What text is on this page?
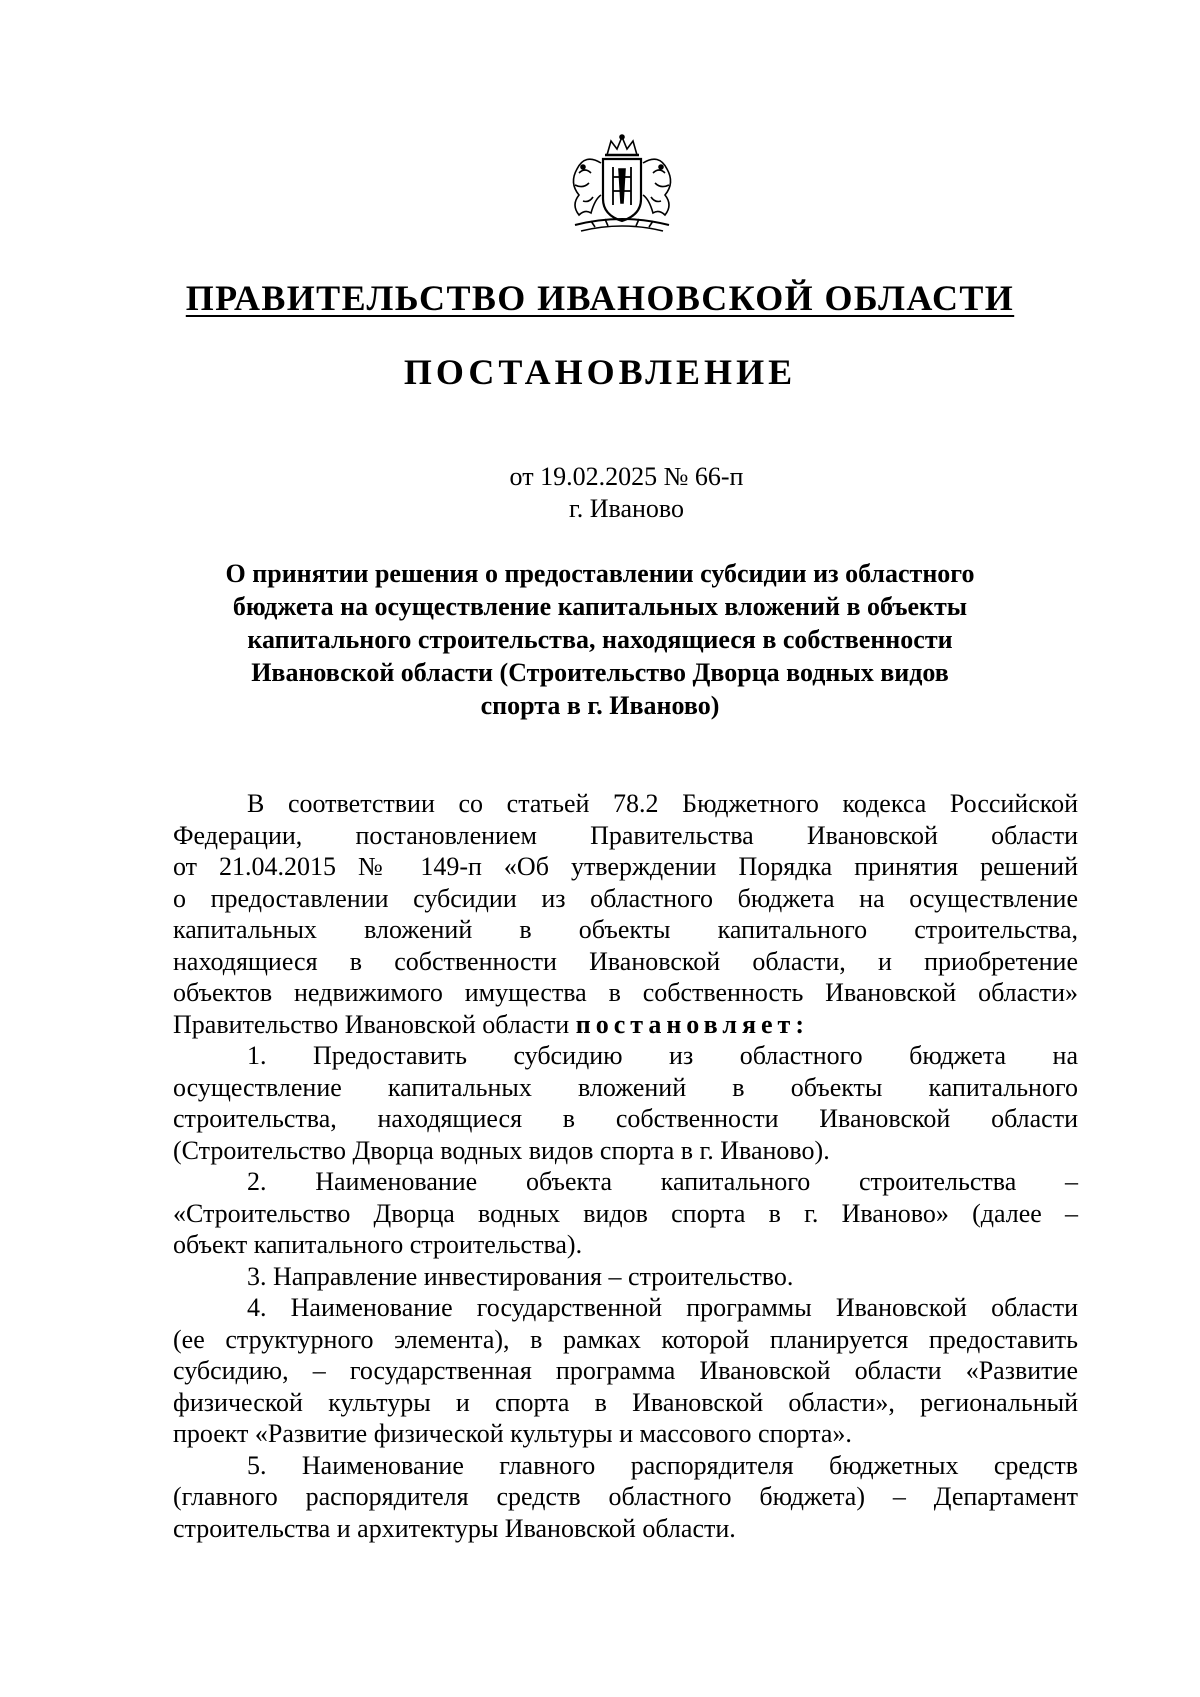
ПРАВИТЕЛЬСТВО ИВАНОВСКОЙ ОБЛАСТИ
ПОСТАНОВЛЕНИЕ
от 19.02.2025 № 66-п
г. Иваново
О принятии решения о предоставлении субсидии из областного
бюджета на осуществление капитальных вложений в объекты
капитального строительства, находящиеся в собственности
Ивановской области (Строительство Дворца водных видов
спорта в г. Иваново)
В соответствии со статьей 78.2 Бюджетного кодекса Российской
Федерации, постановлением Правительства Ивановской области
от 21.04.2015 № 149-п «Об утверждении Порядка принятия решений
о предоставлении субсидии из областного бюджета на осуществление
капитальных вложений в объекты капитального строительства,
находящиеся в собственности Ивановской области, и приобретение
объектов недвижимого имущества в собственность Ивановской области»
Правительство Ивановской области постановляет:
1. Предоставить субсидию из областного бюджета на
осуществление капитальных вложений в объекты капитального
строительства, находящиеся в собственности Ивановской области
(Строительство Дворца водных видов спорта в г. Иваново).
2. Наименование объекта капитального строительства –
«Строительство Дворца водных видов спорта в г. Иваново» (далее –
объект капитального строительства).
3. Направление инвестирования – строительство.
4. Наименование государственной программы Ивановской области
(ее структурного элемента), в рамках которой планируется предоставить
субсидию, – государственная программа Ивановской области «Развитие
физической культуры и спорта в Ивановской области», региональный
проект «Развитие физической культуры и массового спорта».
5. Наименование главного распорядителя бюджетных средств
(главного распорядителя средств областного бюджета) – Департамент
строительства и архитектуры Ивановской области.
